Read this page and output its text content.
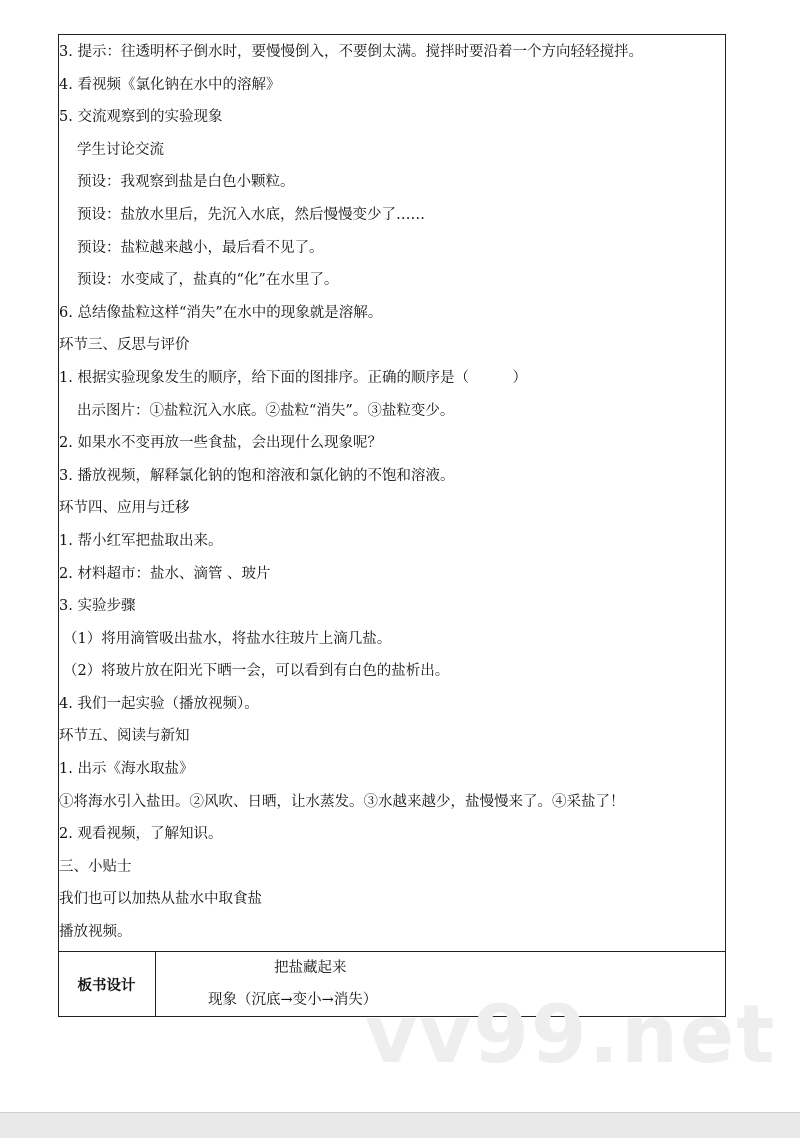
3. 提示：往透明杯子倒水时，要慢慢倒入，不要倒太满。搅拌时要沿着一个方向轻轻搅拌。
4. 看视频《氯化钠在水中的溶解》
5. 交流观察到的实验现象
学生讨论交流
预设：我观察到盐是白色小颗粒。
预设：盐放水里后，先沉入水底，然后慢慢变少了……
预设：盐粒越来越小，最后看不见了。
预设：水变咸了，盐真的“化”在水里了。
6. 总结像盐粒这样“消失”在水中的现象就是溶解。
环节三、反思与评价
1. 根据实验现象发生的顺序，给下面的图排序。正确的顺序是（　　　）
出示图片：①盐粒沉入水底。②盐粒“消失”。③盐粒变少。
2. 如果水不变再放一些食盐，会出现什么现象呢？
3. 播放视频，解释氯化钠的饱和溶液和氯化钠的不饱和溶液。
环节四、应用与迁移
1. 帮小红军把盐取出来。
2. 材料超市：盐水、滴管 、玻片
3. 实验步骤
（1）将用滴管吸出盐水，将盐水往玻片上滴几盐。
（2）将玻片放在阳光下晒一会，可以看到有白色的盐析出。
4. 我们一起实验（播放视频）。
环节五、阅读与新知
1. 出示《海水取盐》
①将海水引入盐田。②风吹、日晒，让水蒸发。③水越来越少，盐慢慢来了。④采盐了！
2. 观看视频，了解知识。
三、小贴士
我们也可以加热从盐水中取食盐
播放视频。
板书设计
把盐藏起来
现象（沉底→变小→消失）
vv99.net
